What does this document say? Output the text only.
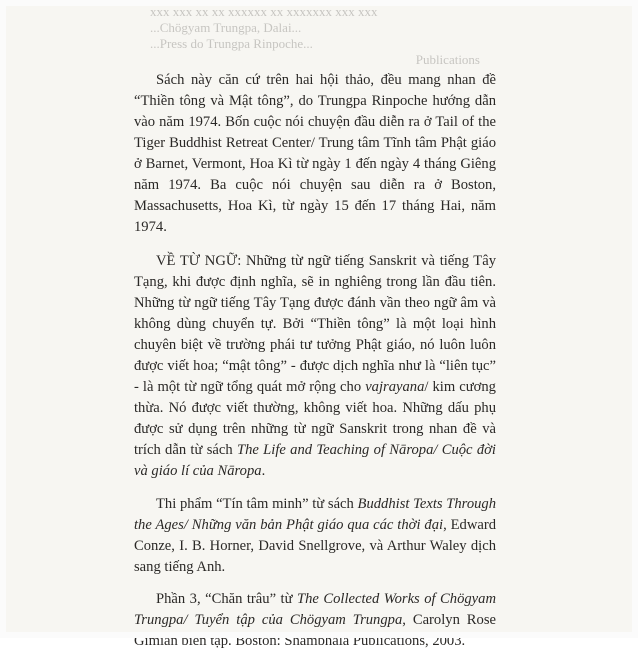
xxx xxx xx xx xxxxxx xx xxxxxxx xxx xxx
...Chögyam Trungpa, Dalai...
...Press do Trungpa Rinpoche...
Publications

Sách này căn cứ trên hai hội thảo, đều mang nhan đề “Thiền tông và Mật tông”, do Trungpa Rinpoche hướng dẫn vào năm 1974. Bốn cuộc nói chuyện đầu diễn ra ở Tail of the Tiger Buddhist Retreat Center/ Trung tâm Tĩnh tâm Phật giáo ở Barnet, Vermont, Hoa Kì từ ngày 1 đến ngày 4 tháng Giêng năm 1974. Ba cuộc nói chuyện sau diễn ra ở Boston, Massachusetts, Hoa Kì, từ ngày 15 đến 17 tháng Hai, năm 1974.

VỀ TỪ NGỮ: Những từ ngữ tiếng Sanskrit và tiếng Tây Tạng, khi được định nghĩa, sẽ in nghiêng trong lần đầu tiên. Những từ ngữ tiếng Tây Tạng được đánh vần theo ngữ âm và không dùng chuyển tự. Bởi “Thiền tông” là một loại hình chuyên biệt về trường phái tư tưởng Phật giáo, nó luôn luôn được viết hoa; “mật tông” - được dịch nghĩa như là “liên tục” - là một từ ngữ tổng quát mở rộng cho vajrayana/ kim cương thừa. Nó được viết thường, không viết hoa. Những dấu phụ được sử dụng trên những từ ngữ Sanskrit trong nhan đề và trích dẫn từ sách The Life and Teaching of Nāropa/ Cuộc đời và giáo lí của Nāropa.

Thi phẩm “Tín tâm minh” từ sách Buddhist Texts Through the Ages/ Những văn bản Phật giáo qua các thời đại, Edward Conze, I. B. Horner, David Snellgrove, và Arthur Waley dịch sang tiếng Anh.

Phần 3, “Chăn trâu” từ The Collected Works of Chögyam Trungpa/ Tuyển tập của Chögyam Trungpa, Carolyn Rose Gimian biên tập. Boston: Shambhala Publications, 2003.
